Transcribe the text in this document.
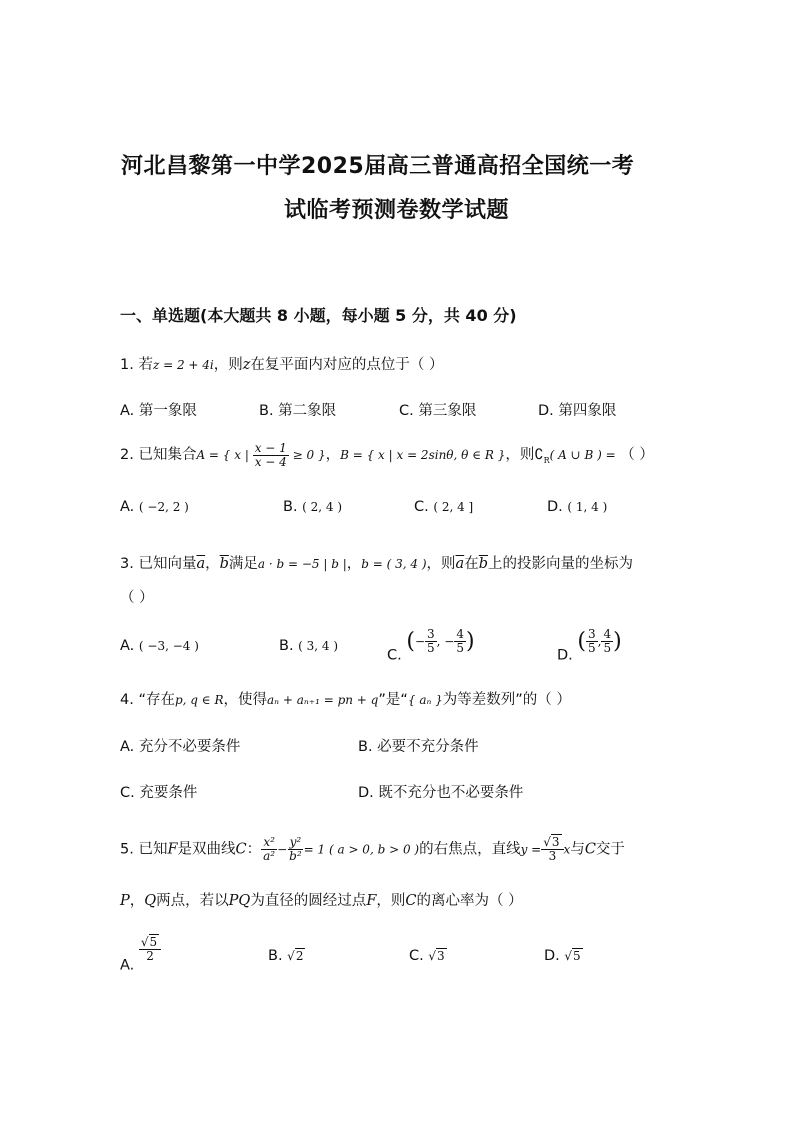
河北昌黎第一中学2025届高三普通高招全国统一考
试临考预测卷数学试题
一、单选题(本大题共 8 小题，每小题 5 分，共 40 分)
1. 若z = 2 + 4i，则z在复平面内对应的点位于（ ）
A. 第一象限	B. 第二象限	C. 第三象限	D. 第四象限
2. 已知集合A = { x | $\frac{x - 1}{x - 4} \ge 0$ }，B = { x | x = 2sinθ, θ ∈ R }，则$∁_R$( A ∪ B ) = （ ）
A. ( −2, 2 )	B. ( 2, 4 )	C. ( 2, 4 ]	D. ( 1, 4 )
3. 已知向量$\overline{a}$，$\overline{b}$满足a · b = −5 | b |，b = ( 3, 4 )，则$\overline{a}$在$\overline{b}$上的投影向量的坐标为
（ ）
A. ( −3, −4 )	B. ( 3, 4 )
C. (− $\frac{3}{5}$ , − $\frac{4}{5}$ )
D. ( $\frac{3}{5}$ , $\frac{4}{5}$ )
4. “存在p, q ∈ R，使得aₙ + aₙ₊₁ = pn + q”是“{ aₙ }为等差数列”的（ ）
A. 充分不必要条件	B. 必要不充分条件
C. 充要条件	D. 既不充分也不必要条件
5. 已知F是双曲线C： $\frac{\text{x²}}{\text{a²}} - \frac{\text{y²}}{\text{b²}} = 1$ ( a > 0, b > 0 )的右焦点，直线$y = \frac{√3}{3}$ x与C交于
P，Q两点，若以PQ为直径的圆经过点F，则C的离心率为（ ）
A.
$\frac{√5}{2}$	B. √2	C. √3	D. √5
